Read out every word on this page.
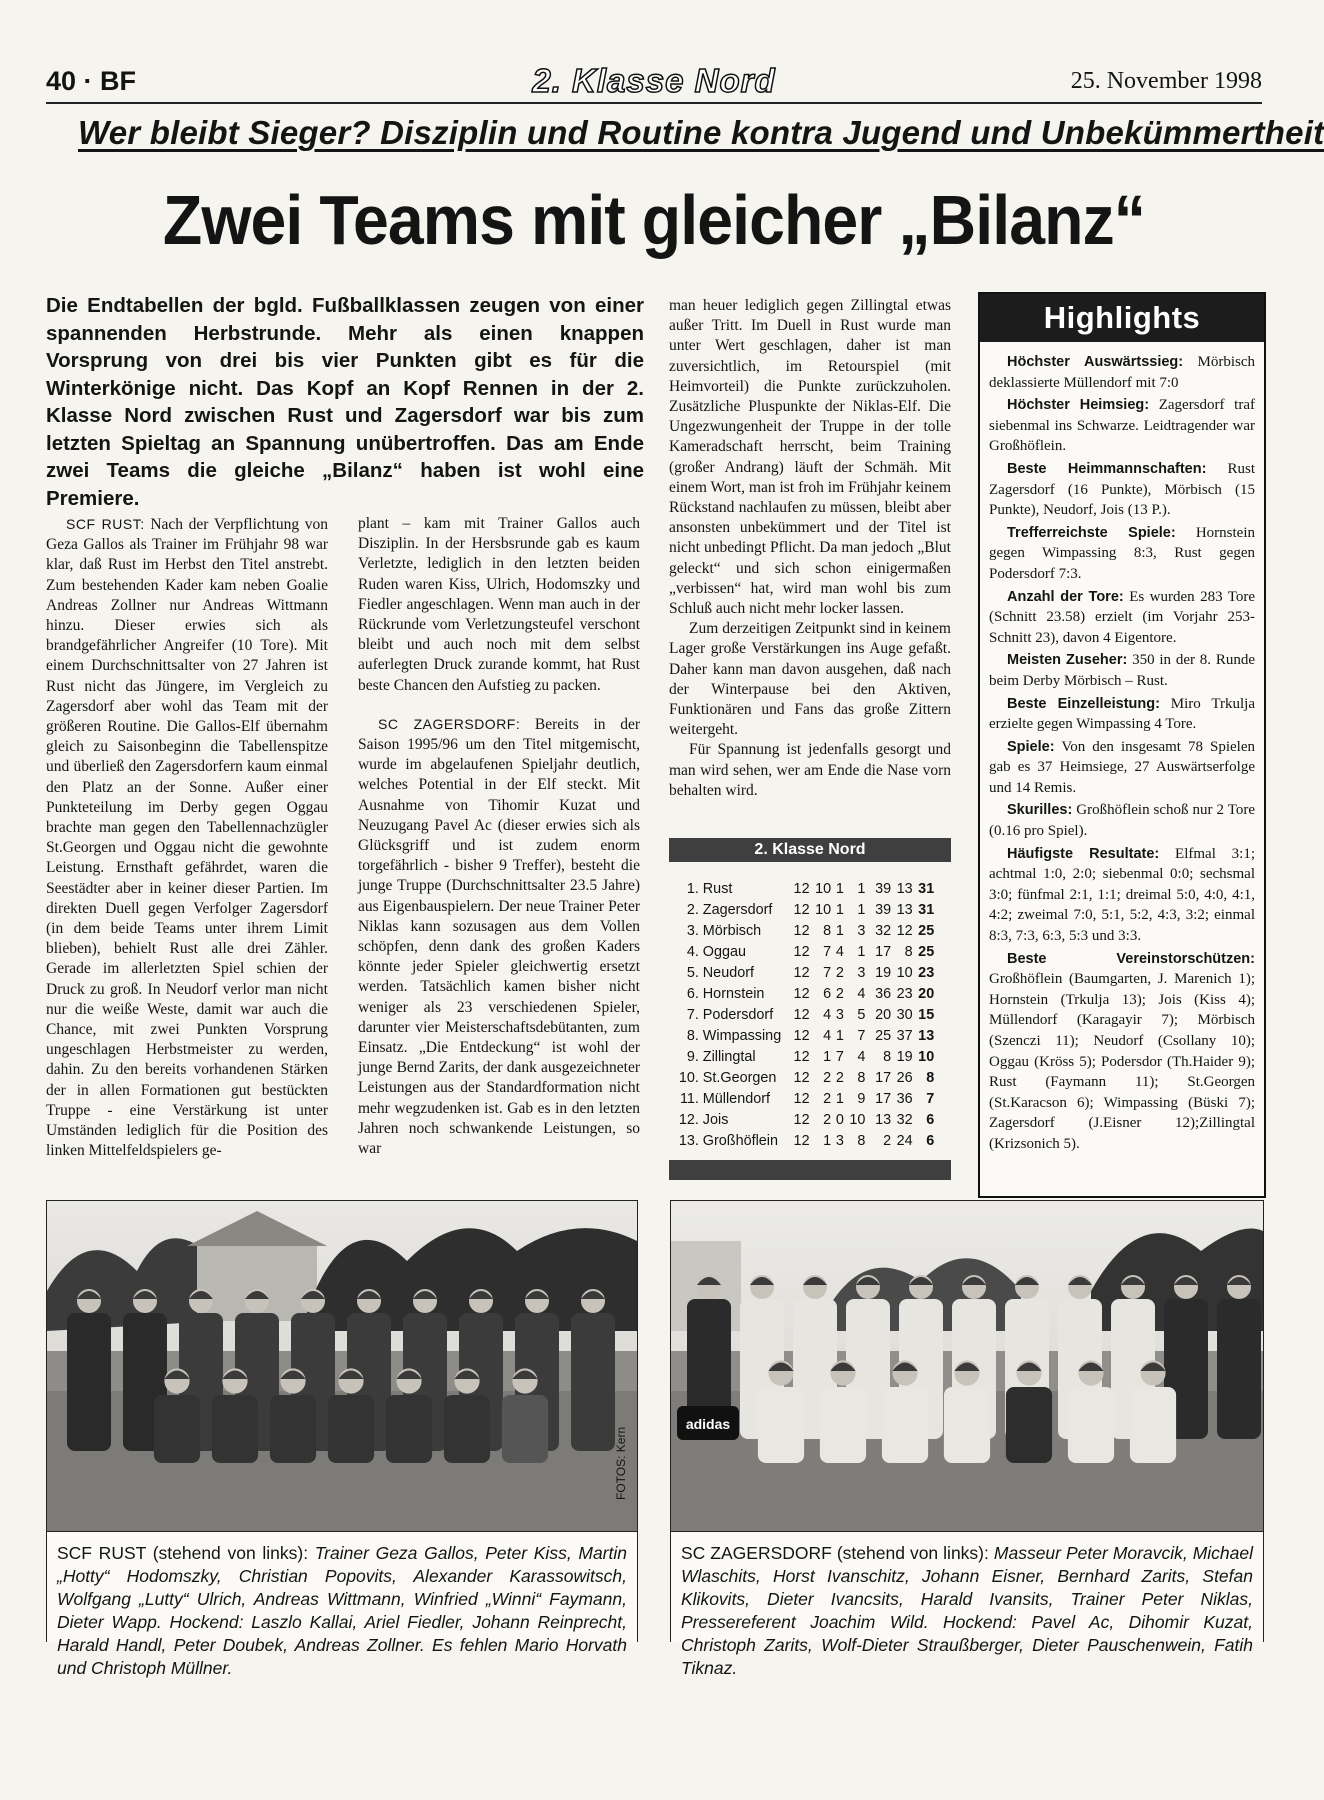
40 · BF	2. Klasse Nord	25. November 1998
Wer bleibt Sieger? Disziplin und Routine kontra Jugend und Unbekümmertheit
Zwei Teams mit gleicher „Bilanz“
Die Endtabellen der bgld. Fußballklassen zeugen von einer spannenden Herbstrunde. Mehr als einen knappen Vorsprung von drei bis vier Punkten gibt es für die Winterkönige nicht. Das Kopf an Kopf Rennen in der 2. Klasse Nord zwischen Rust und Zagersdorf war bis zum letzten Spieltag an Spannung unübertroffen. Das am Ende zwei Teams die gleiche „Bilanz“ haben ist wohl eine Premiere.

SCF RUST: Nach der Verpflichtung von Geza Gallos als Trainer im Frühjahr 98 war klar, daß Rust im Herbst den Titel anstrebt. Zum bestehenden Kader kam neben Goalie Andreas Zollner nur Andreas Wittmann hinzu. Dieser erwies sich als brandgefährlicher Angreifer (10 Tore). Mit einem Durchschnittsalter von 27 Jahren ist Rust nicht das Jüngere, im Vergleich zu Zagersdorf aber wohl das Team mit der größeren Routine. Die Gallos-Elf übernahm gleich zu Saisonbeginn die Tabellenspitze und überließ den Zagersdorfern kaum einmal den Platz an der Sonne. Außer einer Punkteteilung im Derby gegen Oggau brachte man gegen den Tabellennachzügler St.Georgen und Oggau nicht die gewohnte Leistung. Ernsthaft gefährdet, waren die Seestädter aber in keiner dieser Partien. Im direkten Duell gegen Verfolger Zagersdorf (in dem beide Teams unter ihrem Limit blieben), behielt Rust alle drei Zähler. Gerade im allerletzten Spiel schien der Druck zu groß. In Neudorf verlor man nicht nur die weiße Weste, damit war auch die Chance, mit zwei Punkten Vorsprung ungeschlagen Herbstmeister zu werden, dahin. Zu den bereits vorhandenen Stärken der in allen Formationen gut bestückten Truppe - eine Verstärkung ist unter Umständen lediglich für die Position des linken Mittelfeldspielers ge-

plant – kam mit Trainer Gallos auch Disziplin. In der Hersbsrunde gab es kaum Verletzte, lediglich in den letzten beiden Ruden waren Kiss, Ulrich, Hodomszky und Fiedler angeschlagen. Wenn man auch in der Rückrunde vom Verletzungsteufel verschont bleibt und auch noch mit dem selbst auferlegten Druck zurande kommt, hat Rust beste Chancen den Aufstieg zu packen.

SC ZAGERSDORF: Bereits in der Saison 1995/96 um den Titel mitgemischt, wurde im abgelaufenen Spieljahr deutlich, welches Potential in der Elf steckt. Mit Ausnahme von Tihomir Kuzat und Neuzugang Pavel Ac (dieser erwies sich als Glücksgriff und ist zudem enorm torgefährlich - bisher 9 Treffer), besteht die junge Truppe (Durchschnittsalter 23.5 Jahre) aus Eigenbauspielern. Der neue Trainer Peter Niklas kann sozusagen aus dem Vollen schöpfen, denn dank des großen Kaders könnte jeder Spieler gleichwertig ersetzt werden. Tatsächlich kamen bisher nicht weniger als 23 verschiedenen Spieler, darunter vier Meisterschaftsdebütanten, zum Einsatz. „Die Entdeckung“ ist wohl der junge Bernd Zarits, der dank ausgezeichneter Leistungen aus der Standardformation nicht mehr wegzudenken ist. Gab es in den letzten Jahren noch schwankende Leistungen, so war

man heuer lediglich gegen Zillingtal etwas außer Tritt. Im Duell in Rust wurde man unter Wert geschlagen, daher ist man zuversichtlich, im Retourspiel (mit Heimvorteil) die Punkte zurückzuholen. Zusätzliche Pluspunkte der Niklas-Elf. Die Ungezwungenheit der Truppe in der tolle Kameradschaft herrscht, beim Training (großer Andrang) läuft der Schmäh. Mit einem Wort, man ist froh im Frühjahr keinem Rückstand nachlaufen zu müssen, bleibt aber ansonsten unbekümmert und der Titel ist nicht unbedingt Pflicht. Da man jedoch „Blut geleckt“ und sich schon einigermaßen „verbissen“ hat, wird man wohl bis zum Schluß auch nicht mehr locker lassen.

Zum derzeitigen Zeitpunkt sind in keinem Lager große Verstärkungen ins Auge gefaßt. Daher kann man davon ausgehen, daß nach der Winterpause bei den Aktiven, Funktionären und Fans das große Zittern weitergeht.

Für Spannung ist jedenfalls gesorgt und man wird sehen, wer am Ende die Nase vorn behalten wird.

2. Klasse Nord
1.	Rust	12	10	1	1	39	13	31
2.	Zagersdorf	12	10	1	1	39	13	31
3.	Mörbisch	12	8	1	3	32	12	25
4.	Oggau	12	7	4	1	17	8	25
5.	Neudorf	12	7	2	3	19	10	23
6.	Hornstein	12	6	2	4	36	23	20
7.	Podersdorf	12	4	3	5	20	30	15
8.	Wimpassing	12	4	1	7	25	37	13
9.	Zillingtal	12	1	7	4	8	19	10
10.	St.Georgen	12	2	2	8	17	26	8
11.	Müllendorf	12	2	1	9	17	36	7
12.	Jois	12	2	0	10	13	32	6
13.	Großhöflein	12	1	3	8	2	24	6
Highlights

Höchster Auswärtssieg: Mörbisch deklassierte Müllendorf mit 7:0

Höchster Heimsieg: Zagersdorf traf siebenmal ins Schwarze. Leidtragender war Großhöflein.

Beste Heimmannschaften: Rust Zagersdorf (16 Punkte), Mörbisch (15 Punkte), Neudorf, Jois (13 P.).

Trefferreichste Spiele: Hornstein gegen Wimpassing 8:3, Rust gegen Podersdorf 7:3.

Anzahl der Tore: Es wurden 283 Tore (Schnitt 23.58) erzielt (im Vorjahr 253-Schnitt 23), davon 4 Eigentore.

Meisten Zuseher: 350 in der 8. Runde beim Derby Mörbisch – Rust.

Beste Einzelleistung: Miro Trkulja erzielte gegen Wimpassing 4 Tore.

Spiele: Von den insgesamt 78 Spielen gab es 37 Heimsiege, 27 Auswärtserfolge und 14 Remis.

Skurilles: Großhöflein schoß nur 2 Tore (0.16 pro Spiel).

Häufigste Resultate: Elfmal 3:1; achtmal 1:0, 2:0; siebenmal 0:0; sechsmal 3:0; fünfmal 2:1, 1:1; dreimal 5:0, 4:0, 4:1, 4:2; zweimal 7:0, 5:1, 5:2, 4:3, 3:2; einmal 8:3, 7:3, 6:3, 5:3 und 3:3.

Beste Vereinstorschützen: Großhöflein (Baumgarten, J. Marenich 1); Hornstein (Trkulja 13); Jois (Kiss 4); Müllendorf (Karagayir 7); Mörbisch (Szenczi 11); Neudorf (Csollany 10); Oggau (Kröss 5); Podersdor (Th.Haider 9); Rust (Faymann 11); St.Georgen (St.Karacson 6); Wimpassing (Büski 7); Zagersdorf (J.Eisner 12);Zillingtal (Krizsonich 5).

SCF RUST (stehend von links): Trainer Geza Gallos, Peter Kiss, Martin „Hotty“ Hodomszky, Christian Popovits, Alexander Karassowitsch, Wolfgang „Lutty“ Ulrich, Andreas Wittmann, Winfried „Winni“ Faymann, Dieter Wapp. Hockend: Laszlo Kallai, Ariel Fiedler, Johann Reinprecht, Harald Handl, Peter Doubek, Andreas Zollner. Es fehlen Mario Horvath und Christoph Müllner.

FOTOS: Kern
adidas

SC ZAGERSDORF (stehend von links): Masseur Peter Moravcik, Michael Wlaschits, Horst Ivanschitz, Johann Eisner, Bernhard Zarits, Stefan Klikovits, Dieter Ivancsits, Harald Ivansits, Trainer Peter Niklas, Pressereferent Joachim Wild. Hockend: Pavel Ac, Dihomir Kuzat, Christoph Zarits, Wolf-Dieter Straußberger, Dieter Pauschenwein, Fatih Tiknaz.
